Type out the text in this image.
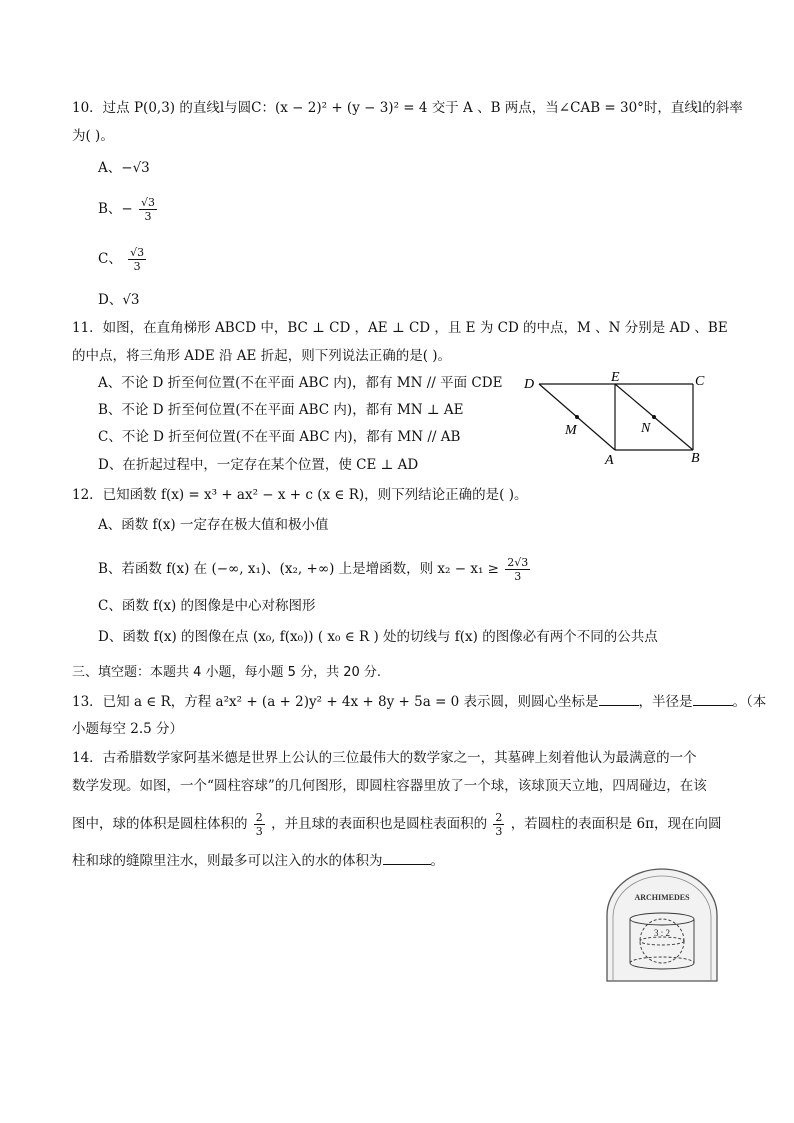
10．过点 P(0,3) 的直线l与圆C：(x − 2)² + (y − 3)² = 4 交于 A 、B 两点，当∠CAB = 30°时，直线l的斜率
为( )。
A、−√3
B、− $\frac{√3}{3}$
C、 $\frac{√3}{3}$
D、√3
11．如图，在直角梯形 ABCD 中，BC ⊥ CD ，AE ⊥ CD ，且 E 为 CD 的中点，M 、N 分别是 AD 、BE
的中点，将三角形 ADE 沿 AE 折起，则下列说法正确的是( )。
A、不论 D 折至何位置(不在平面 ABC 内)，都有 MN // 平面 CDE
B、不论 D 折至何位置(不在平面 ABC 内)，都有 MN ⊥ AE
C、不论 D 折至何位置(不在平面 ABC 内)，都有 MN // AB
D、在折起过程中，一定存在某个位置，使 CE ⊥ AD
D	E	C
M	N
A	B
12．已知函数 f(x) = x³ + ax² − x + c (x ∈ R)，则下列结论正确的是( )。
A、函数 f(x) 一定存在极大值和极小值
B、若函数 f(x) 在 (−∞, x₁)、(x₂, +∞) 上是增函数，则 $x_2 - x_1 \ge \frac{2√3}{3}$
C、函数 f(x) 的图像是中心对称图形
D、函数 f(x) 的图像在点 (x₀, f(x₀)) ( x₀ ∈ R ) 处的切线与 f(x) 的图像必有两个不同的公共点
三、填空题：本题共 4 小题，每小题 5 分，共 20 分.
13．已知 a ∈ R，方程 a²x² + (a + 2)y² + 4x + 8y + 5a = 0 表示圆，则圆心坐标是	，半径是	。（本
小题每空 2.5 分）
14．古希腊数学家阿基米德是世界上公认的三位最伟大的数学家之一，其墓碑上刻着他认为最满意的一个
数学发现。如图，一个“圆柱容球”的几何图形，即圆柱容器里放了一个球，该球顶天立地，四周碰边，在该
图中，球的体积是圆柱体积的 $\frac{2}{3}$ ，并且球的表面积也是圆柱表面积的 $\frac{2}{3}$ ，若圆柱的表面积是 6π，现在向圆
柱和球的缝隙里注水，则最多可以注入的水的体积为	。
ARCHIMEDES
3 : 2
